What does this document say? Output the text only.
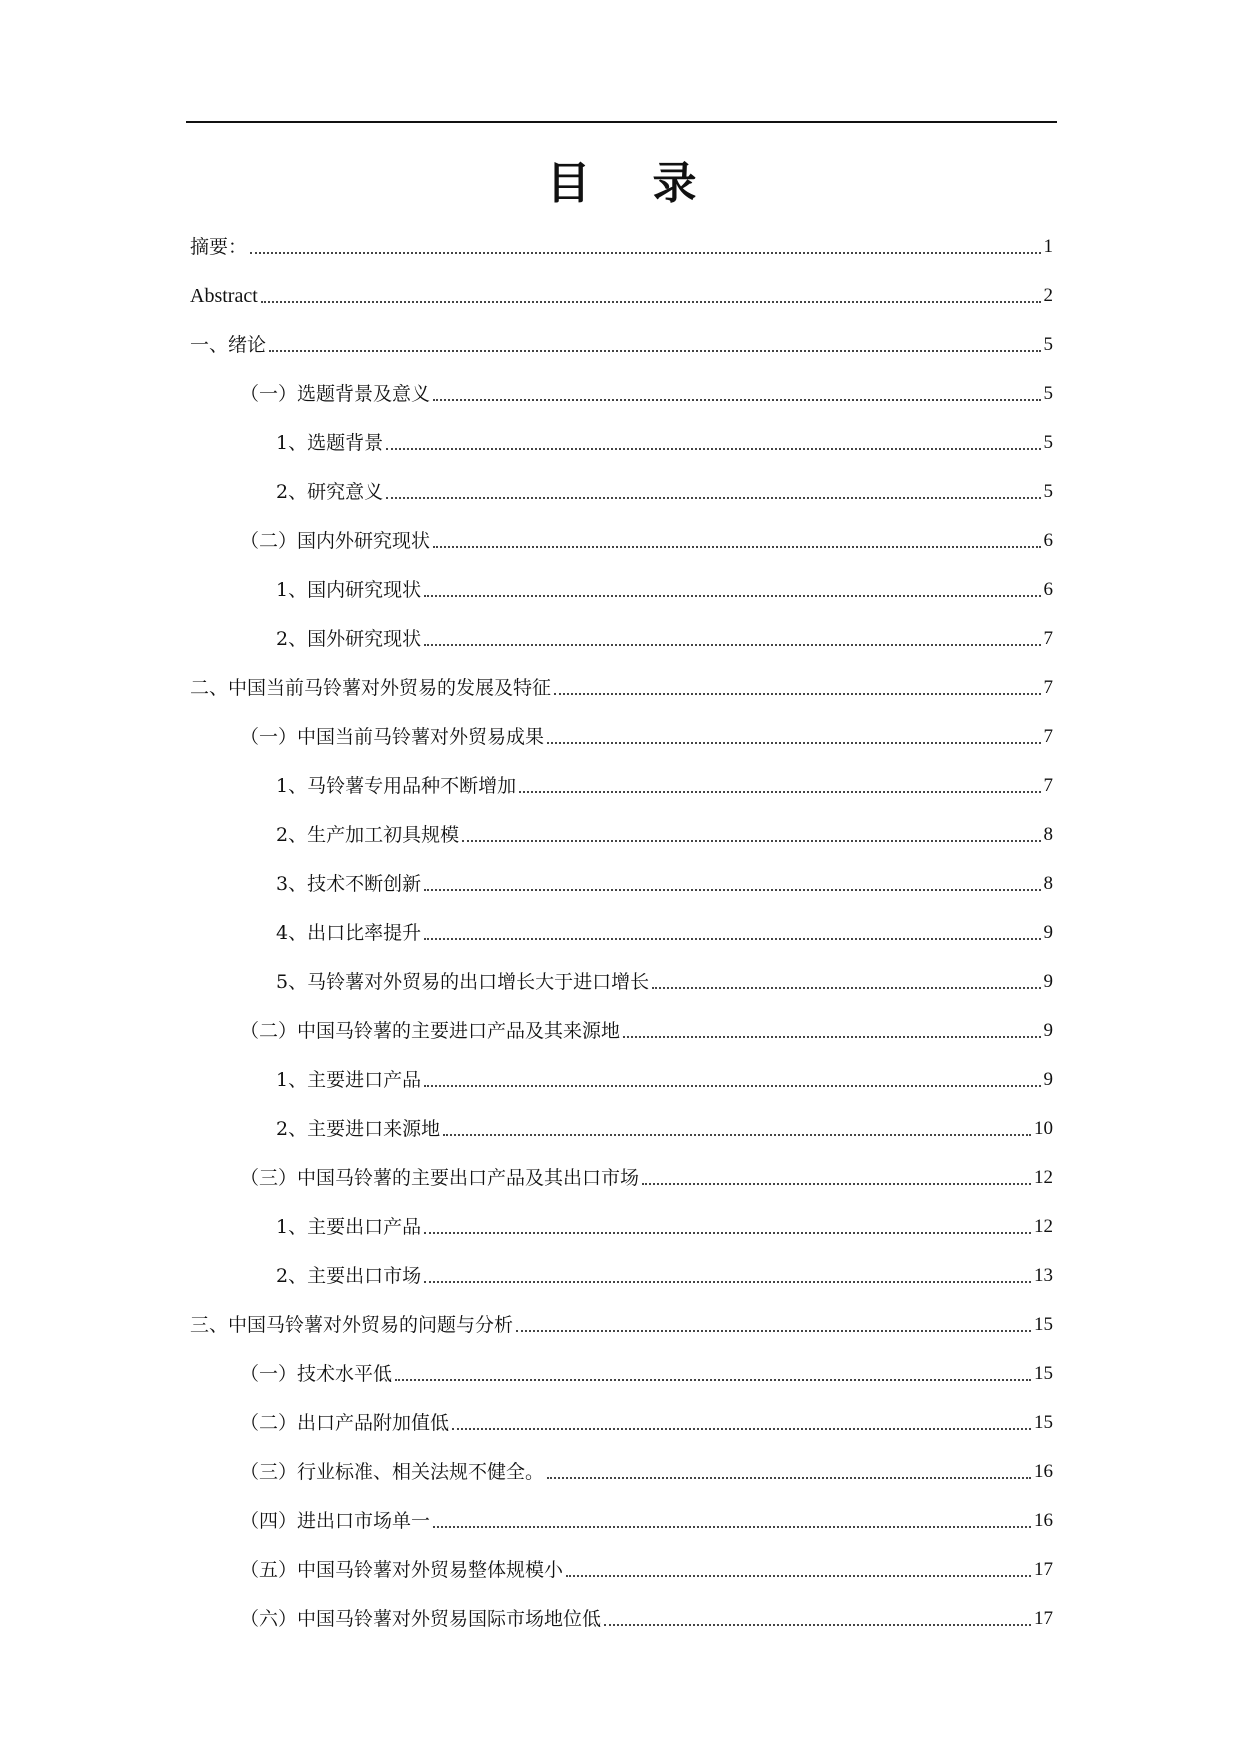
目 录
摘要：	1
Abstract	2
一、绪论	5
（一）选题背景及意义	5
1、选题背景	5
2、研究意义	5
（二）国内外研究现状	6
1、国内研究现状	6
2、国外研究现状	7
二、中国当前马铃薯对外贸易的发展及特征	7
（一）中国当前马铃薯对外贸易成果	7
1、马铃薯专用品种不断增加	7
2、生产加工初具规模	8
3、技术不断创新	8
4、出口比率提升	9
5、马铃薯对外贸易的出口增长大于进口增长	9
（二）中国马铃薯的主要进口产品及其来源地	9
1、主要进口产品	9
2、主要进口来源地	10
（三）中国马铃薯的主要出口产品及其出口市场	12
1、主要出口产品	12
2、主要出口市场	13
三、中国马铃薯对外贸易的问题与分析	15
（一）技术水平低	15
（二）出口产品附加值低	15
（三）行业标准、相关法规不健全。	16
（四）进出口市场单一	16
（五）中国马铃薯对外贸易整体规模小	17
（六）中国马铃薯对外贸易国际市场地位低	17
